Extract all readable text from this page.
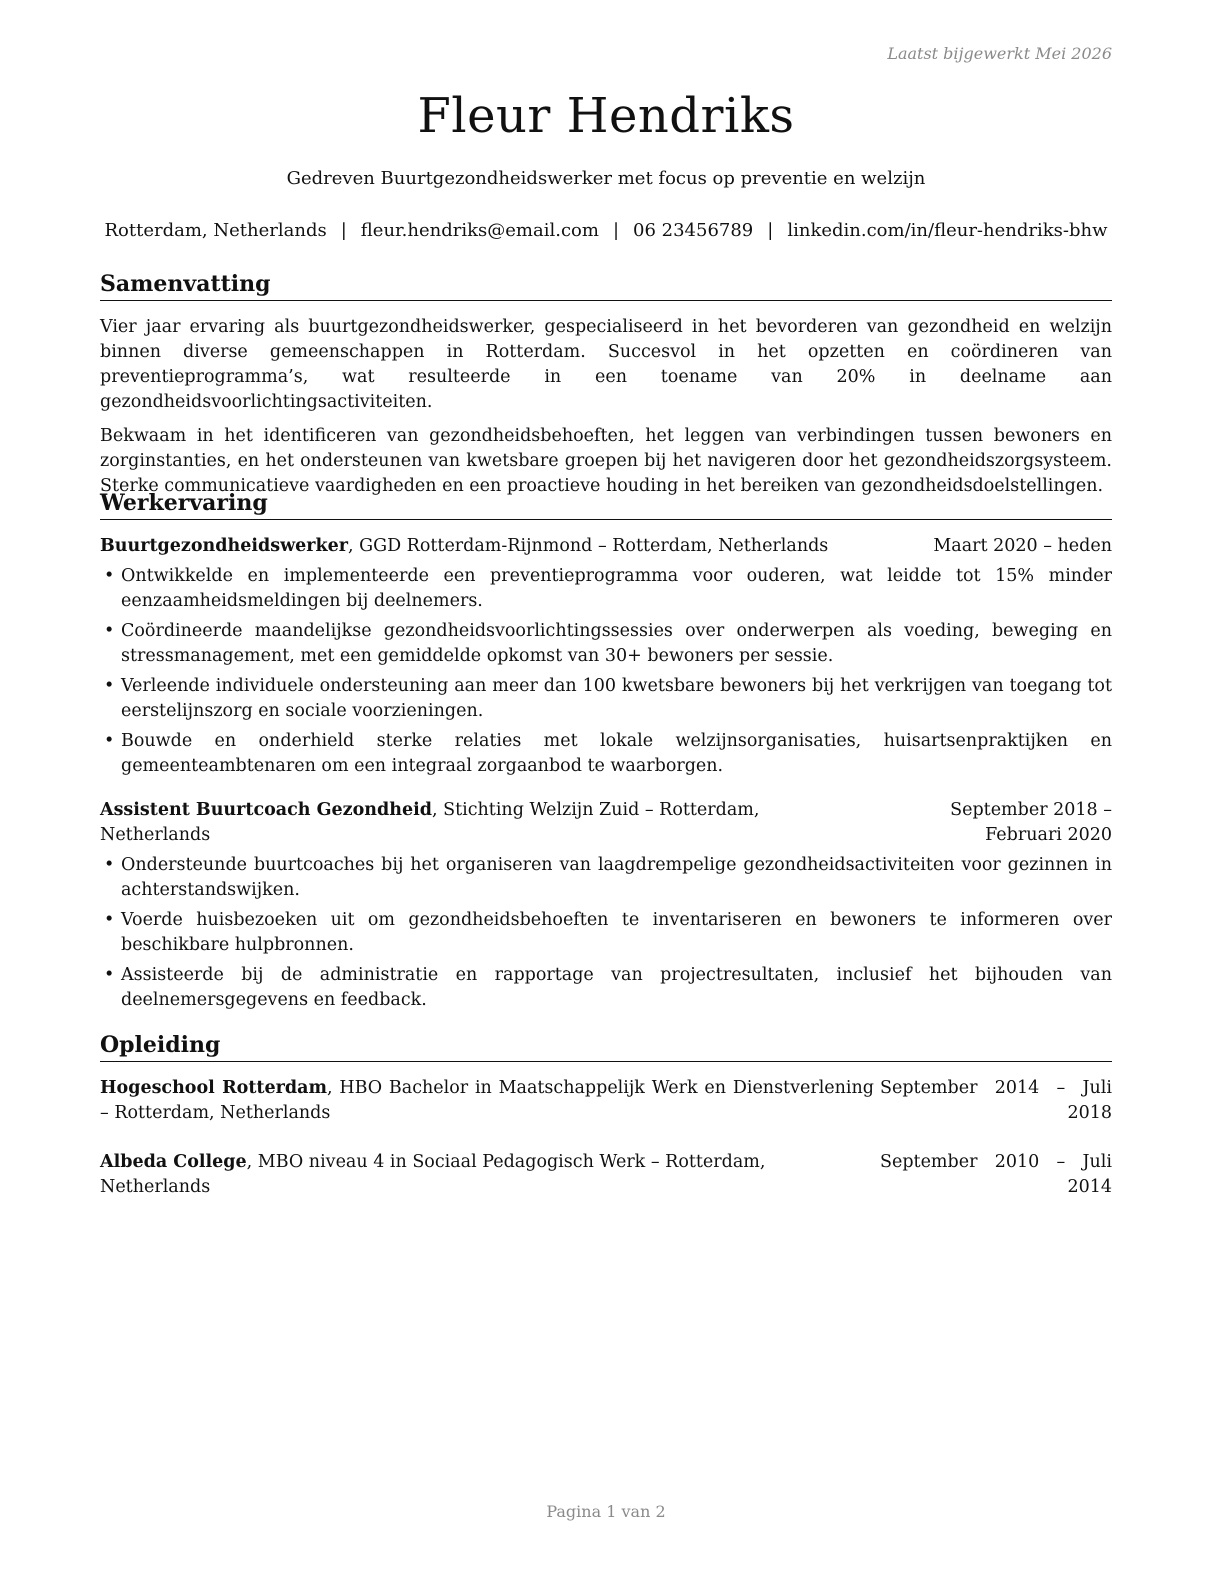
Laatst bijgewerkt Mei 2026
Fleur Hendriks
Gedreven Buurtgezondheidswerker met focus op preventie en welzijn
Rotterdam, Netherlands | fleur.hendriks@email.com | 06 23456789 | linkedin.com/in/fleur-hendriks-bhw
Samenvatting

Vier jaar ervaring als buurtgezondheidswerker, gespecialiseerd in het bevorderen van gezondheid en welzijn binnen diverse gemeenschappen in Rotterdam. Succesvol in het opzetten en coördineren van preventieprogramma’s, wat resulteerde in een toename van 20% in deelname aan gezondheidsvoorlichtingsactiviteiten.

Bekwaam in het identificeren van gezondheidsbehoeften, het leggen van verbindingen tussen bewoners en zorginstanties, en het ondersteunen van kwetsbare groepen bij het navigeren door het gezondheidszorgsysteem. Sterke communicatieve vaardigheden en een proactieve houding in het bereiken van gezondheidsdoelstellingen.

Werkervaring
Buurtgezondheidswerker, GGD Rotterdam-Rijnmond – Rotterdam, Netherlands	Maart 2020 – heden
• Ontwikkelde en implementeerde een preventieprogramma voor ouderen, wat leidde tot 15% minder eenzaamheidsmeldingen bij deelnemers.
• Coördineerde maandelijkse gezondheidsvoorlichtingssessies over onderwerpen als voeding, beweging en stressmanagement, met een gemiddelde opkomst van 30+ bewoners per sessie.
• Verleende individuele ondersteuning aan meer dan 100 kwetsbare bewoners bij het verkrijgen van toegang tot eerstelijnszorg en sociale voorzieningen.
• Bouwde en onderhield sterke relaties met lokale welzijnsorganisaties, huisartsenpraktijken en gemeenteambtenaren om een integraal zorgaanbod te waarborgen.
Assistent Buurtcoach Gezondheid, Stichting Welzijn Zuid – Rotterdam, Netherlands
September 2018 – Februari 2020
• Ondersteunde buurtcoaches bij het organiseren van laagdrempelige gezondheidsactiviteiten voor gezinnen in achterstandswijken.
• Voerde huisbezoeken uit om gezondheidsbehoeften te inventariseren en bewoners te informeren over beschikbare hulpbronnen.
• Assisteerde bij de administratie en rapportage van projectresultaten, inclusief het bijhouden van deelnemersgegevens en feedback.
Opleiding
Hogeschool Rotterdam, HBO Bachelor in Maatschappelijk Werk en Dienstverlening – Rotterdam, Netherlands
September 2014 – Juli 2018
Albeda College, MBO niveau 4 in Sociaal Pedagogisch Werk – Rotterdam, Netherlands
September 2010 – Juli 2014
Pagina 1 van 2
